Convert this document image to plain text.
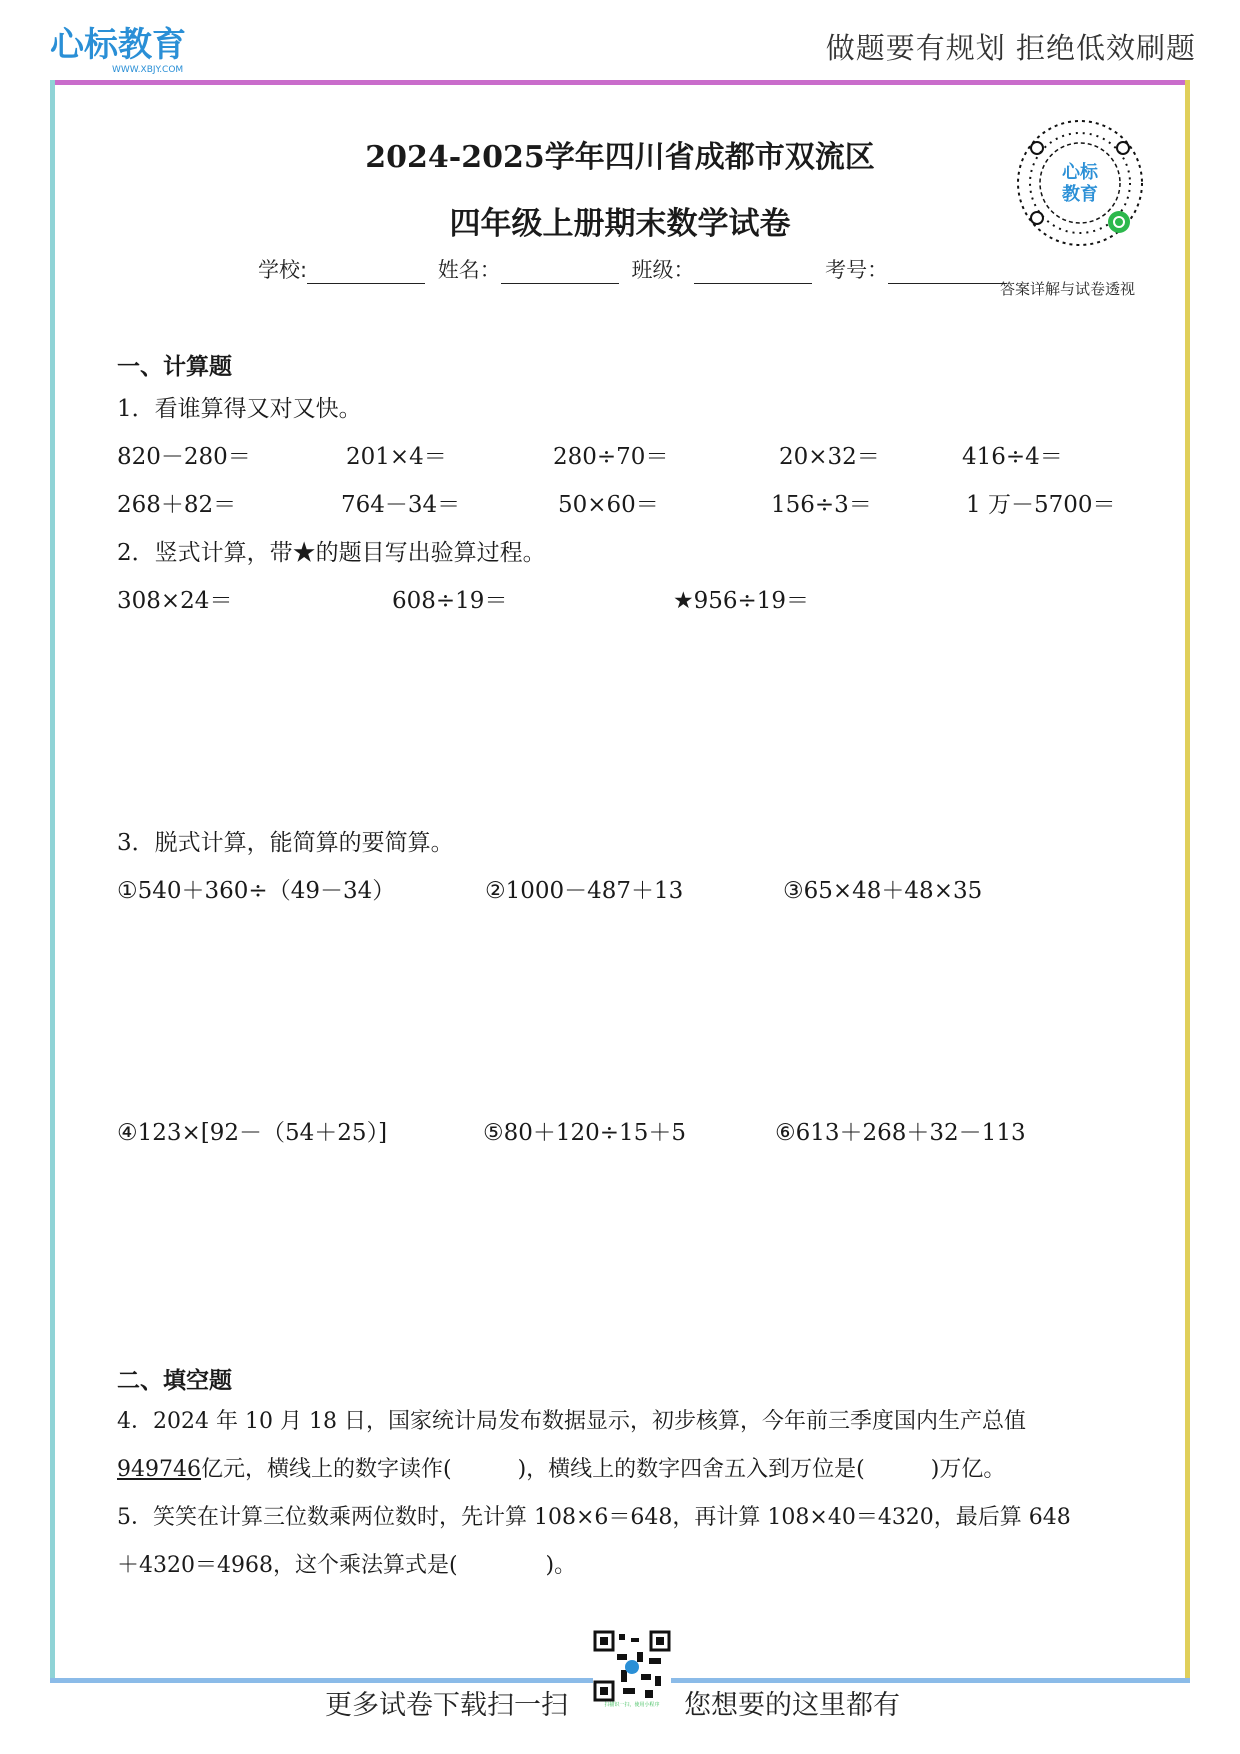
心标教育
WWW.XBJY.COM
做题要有规划 拒绝低效刷题
2024-2025学年四川省成都市双流区
四年级上册期末数学试卷
学校:	姓名：	班级：	考号：
心标
教育
答案详解与试卷透视
一、计算题
1．看谁算得又对又快。
820－280＝	201×4＝	280÷70＝	20×32＝	416÷4＝
268＋82＝	764－34＝	50×60＝	156÷3＝	1 万－5700＝
2．竖式计算，带★的题目写出验算过程。
308×24＝	608÷19＝	★956÷19＝
3．脱式计算，能简算的要简算。
①540＋360÷（49－34）	②1000－487＋13	③65×48＋48×35
④123×[92－（54＋25）]	⑤80＋120÷15＋5	⑥613＋268＋32－113
二、填空题
4．2024 年 10 月 18 日，国家统计局发布数据显示，初步核算，今年前三季度国内生产总值
949746亿元，横线上的数字读作(　　　)，横线上的数字四舍五入到万位是(　　　)万亿。
5．笑笑在计算三位数乘两位数时，先计算 108×6＝648，再计算 108×40＝4320，最后算 648
＋4320＝4968，这个乘法算式是(　　　　)。
更多试卷下载扫一扫	扫描识一扫，使用小程序 您想要的这里都有
